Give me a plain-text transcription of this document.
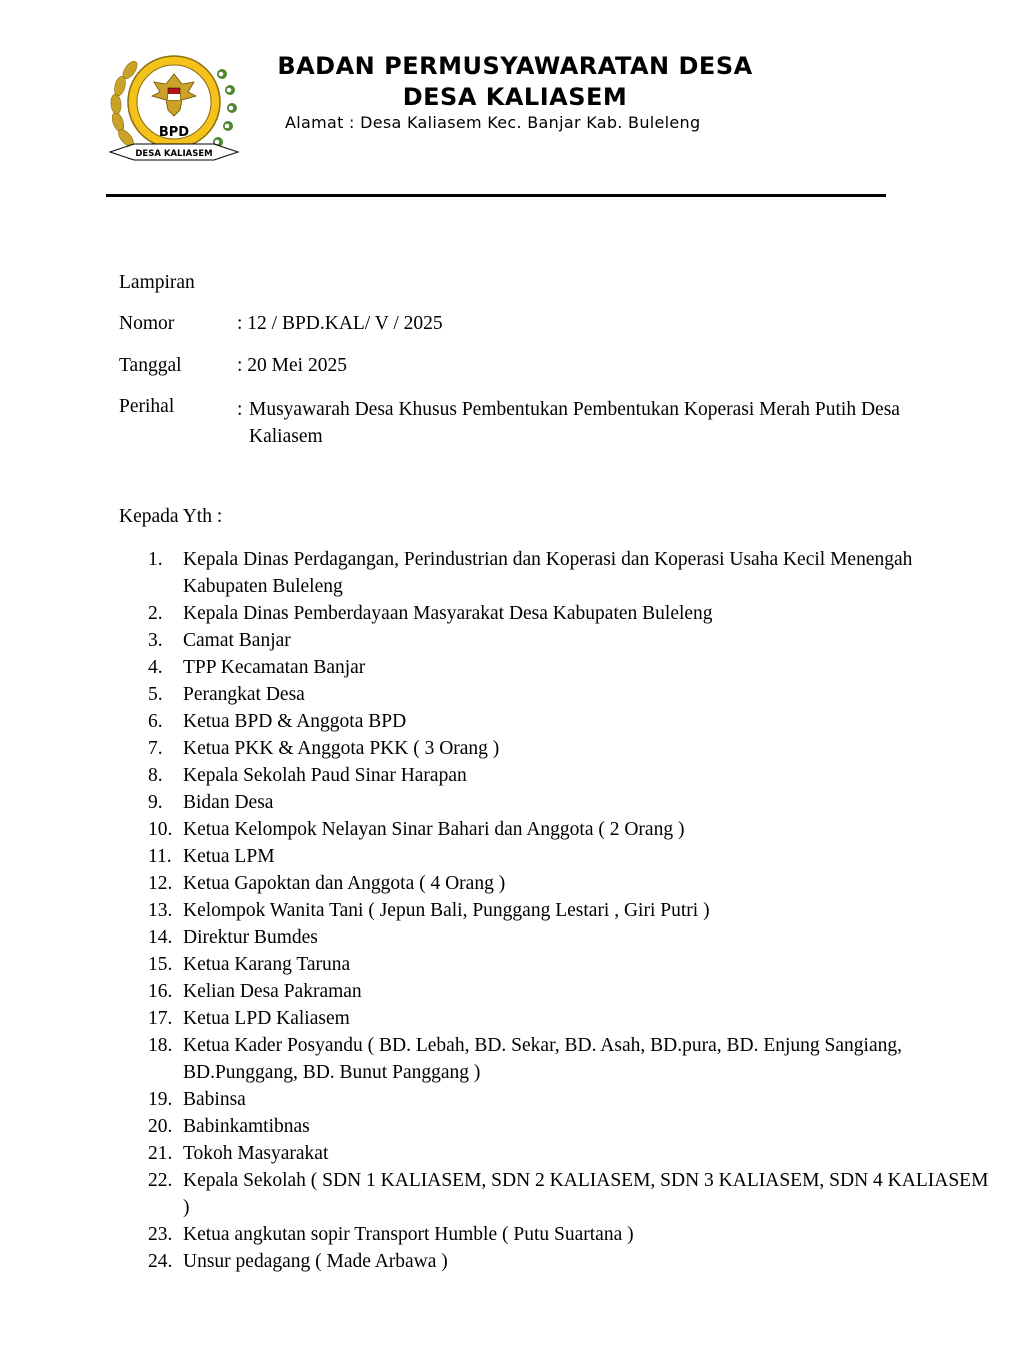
BPD
DESA KALIASEM
BADAN PERMUSYAWARATAN DESA
DESA KALIASEM
Alamat : Desa Kaliasem Kec. Banjar Kab. Buleleng
Lampiran
Nomor	: 12 / BPD.KAL/ V / 2025
Tanggal	: 20 Mei 2025
Perihal	: Musyawarah Desa Khusus Pembentukan Pembentukan Koperasi Merah Putih Desa
Kaliasem
Kepada Yth :
1.	Kepala Dinas Perdagangan, Perindustrian dan Koperasi dan Koperasi Usaha Kecil Menengah Kabupaten Buleleng
2.	Kepala Dinas Pemberdayaan Masyarakat Desa Kabupaten Buleleng
3.	Camat Banjar
4.	TPP Kecamatan Banjar
5.	Perangkat Desa
6.	Ketua BPD & Anggota BPD
7.	Ketua PKK & Anggota PKK ( 3 Orang )
8.	Kepala Sekolah Paud Sinar Harapan
9.	Bidan Desa
10. Ketua Kelompok Nelayan Sinar Bahari dan Anggota ( 2 Orang )
11. Ketua LPM
12. Ketua Gapoktan dan Anggota ( 4 Orang )
13. Kelompok Wanita Tani ( Jepun Bali, Punggang Lestari , Giri Putri )
14. Direktur Bumdes
15. Ketua Karang Taruna
16. Kelian Desa Pakraman
17. Ketua LPD Kaliasem
18. Ketua Kader Posyandu ( BD. Lebah, BD. Sekar, BD. Asah, BD.pura, BD. Enjung Sangiang, BD.Punggang, BD. Bunut Panggang )
19. Babinsa
20. Babinkamtibnas
21. Tokoh Masyarakat
22. Kepala Sekolah ( SDN 1 KALIASEM, SDN 2 KALIASEM, SDN 3 KALIASEM, SDN 4 KALIASEM )
23. Ketua angkutan sopir Transport Humble ( Putu Suartana )
24. Unsur pedagang ( Made Arbawa )
